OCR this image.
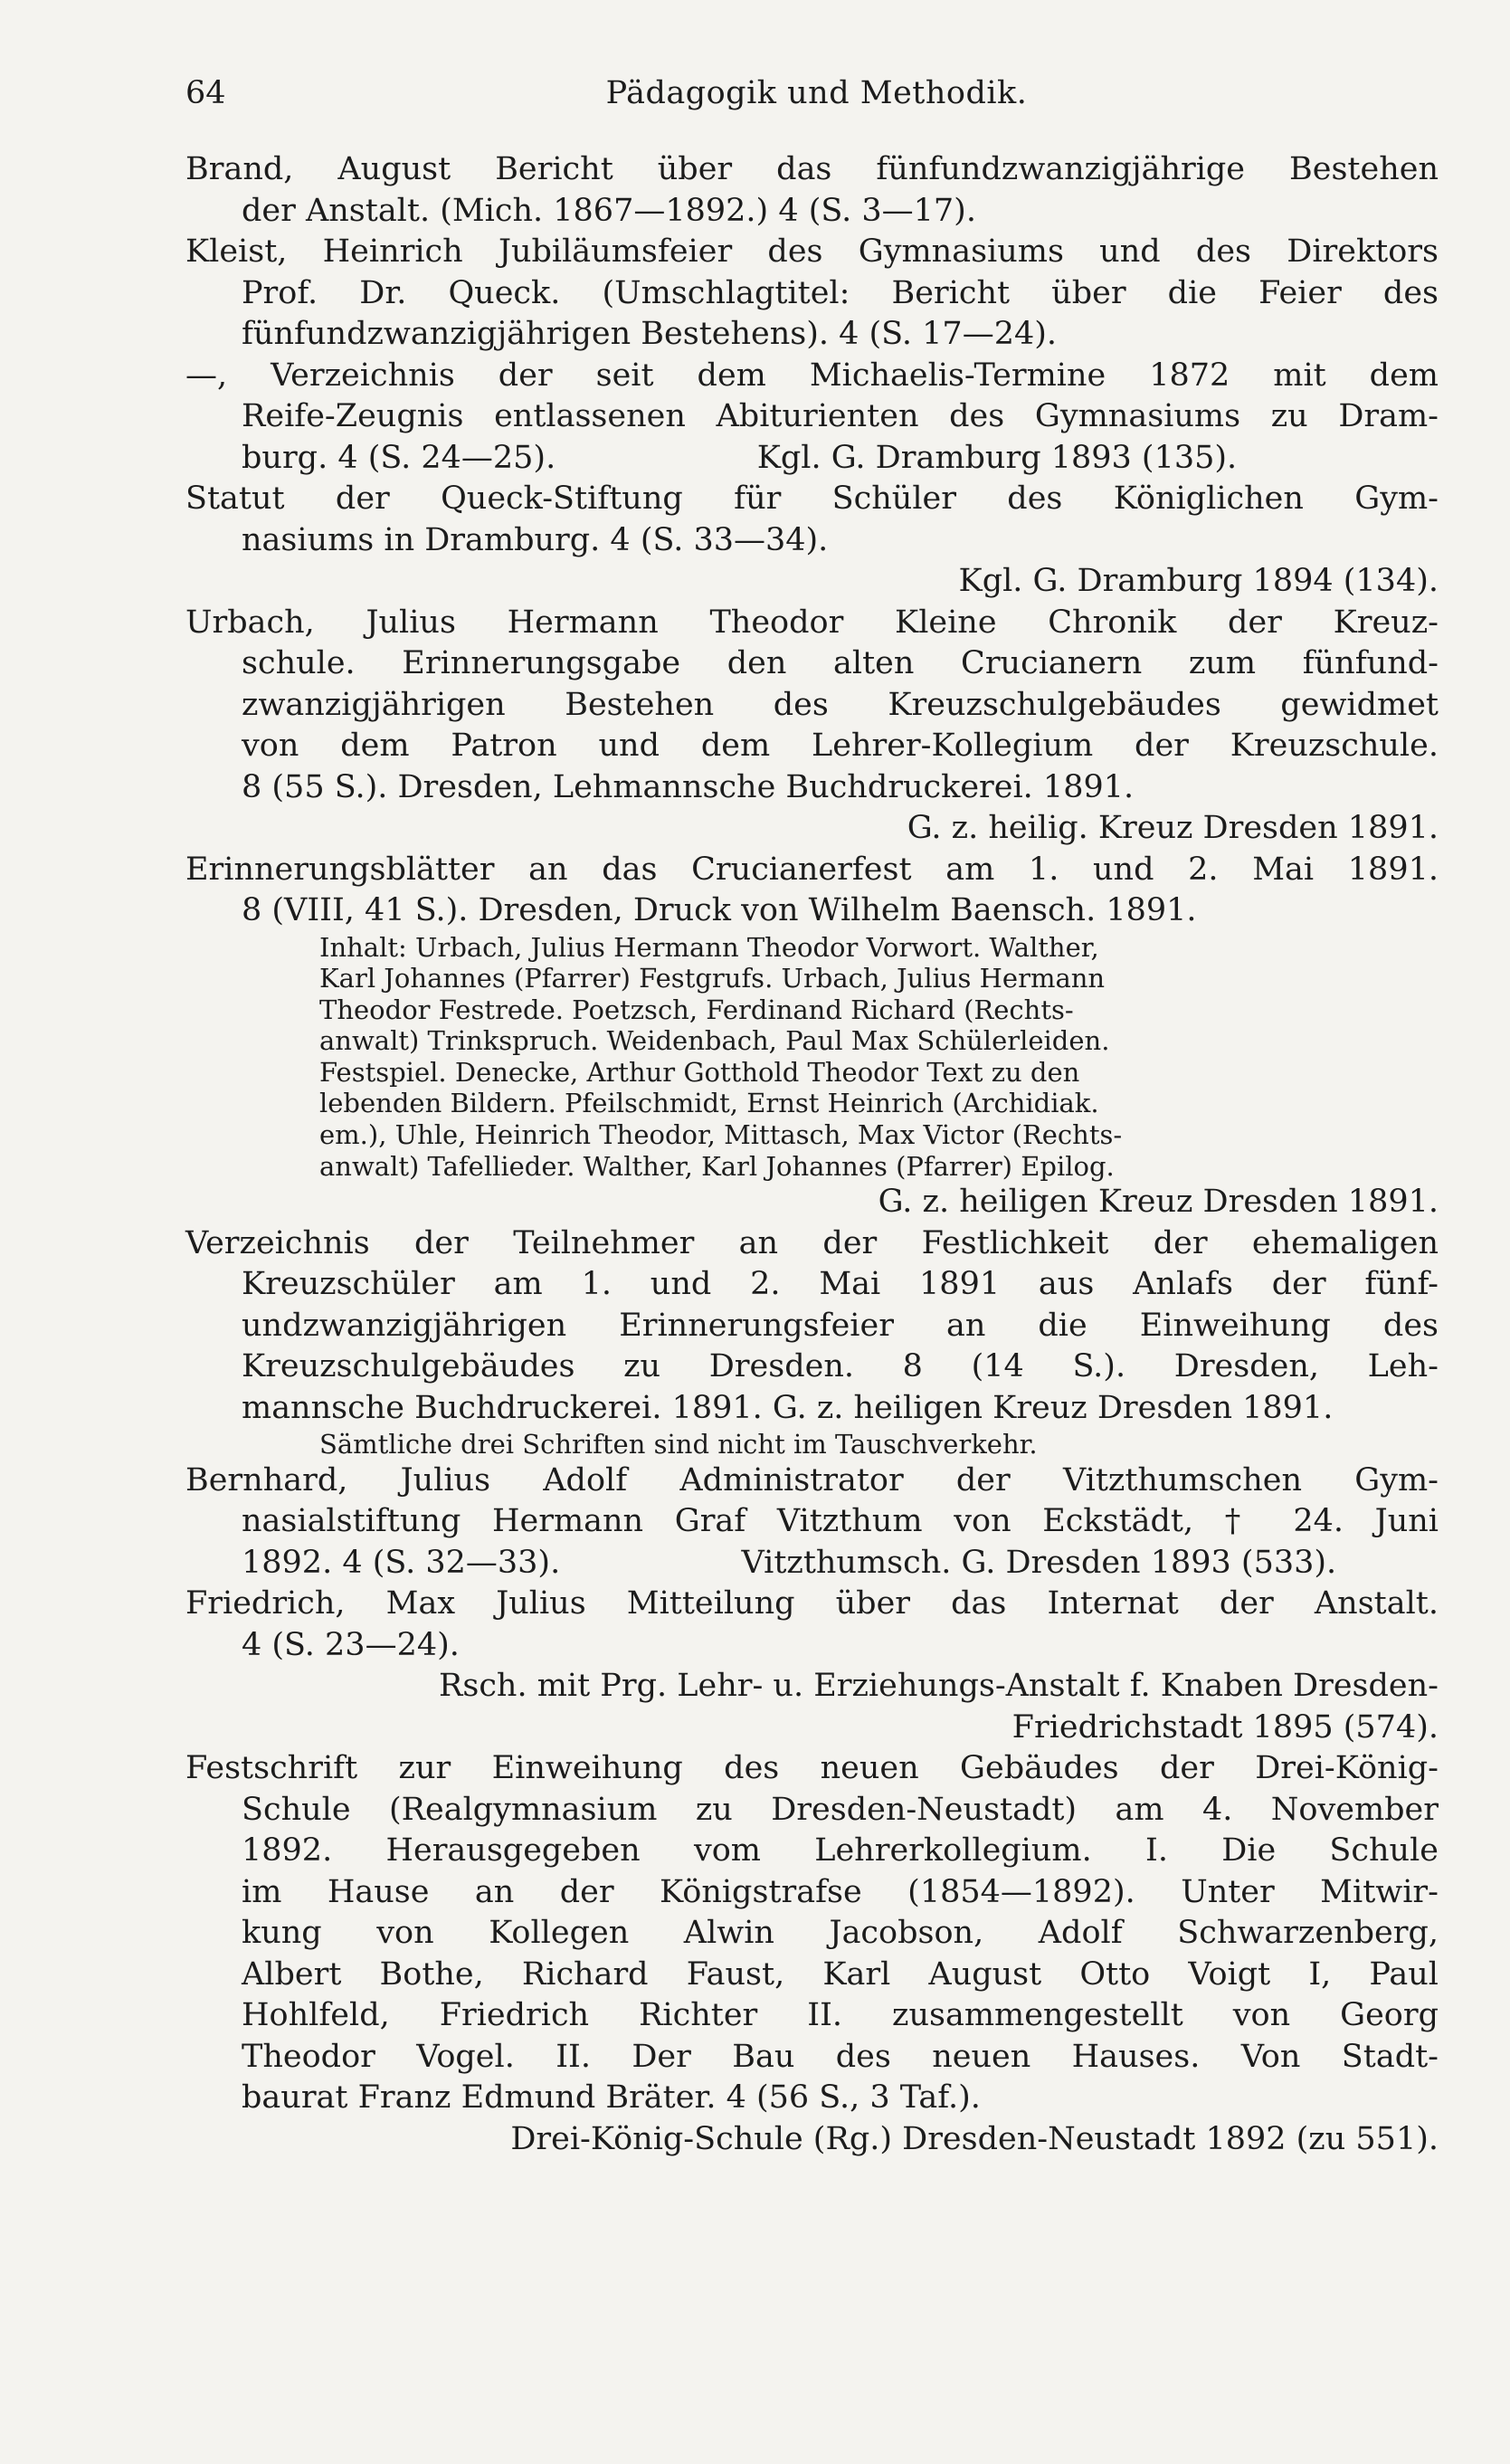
64	Pädagogik und Methodik.
Brand, August Bericht über das fünfundzwanzigjährige Bestehen
der Anstalt. (Mich. 1867—1892.) 4 (S. 3—17).
Kleist, Heinrich Jubiläumsfeier des Gymnasiums und des Direktors
Prof. Dr. Queck. (Umschlagtitel: Bericht über die Feier des
fünfundzwanzigjährigen Bestehens). 4 (S. 17—24).
—, Verzeichnis der seit dem Michaelis-Termine 1872 mit dem
Reife-Zeugnis entlassenen Abiturienten des Gymnasiums zu Dram-
burg. 4 (S. 24—25).                    Kgl. G. Dramburg 1893 (135).
Statut der Queck-Stiftung für Schüler des Königlichen Gym-
nasiums in Dramburg. 4 (S. 33—34).
Kgl. G. Dramburg 1894 (134).
Urbach, Julius Hermann Theodor Kleine Chronik der Kreuz-
schule. Erinnerungsgabe den alten Crucianern zum fünfund-
zwanzigjährigen Bestehen des Kreuzschulgebäudes gewidmet
von dem Patron und dem Lehrer-Kollegium der Kreuzschule.
8 (55 S.). Dresden, Lehmannsche Buchdruckerei. 1891.
G. z. heilig. Kreuz Dresden 1891.
Erinnerungsblätter an das Crucianerfest am 1. und 2. Mai 1891.
8 (VIII, 41 S.). Dresden, Druck von Wilhelm Baensch. 1891.
Inhalt: Urbach, Julius Hermann Theodor Vorwort. Walther,
Karl Johannes (Pfarrer) Festgrufs. Urbach, Julius Hermann
Theodor Festrede. Poetzsch, Ferdinand Richard (Rechts-
anwalt) Trinkspruch. Weidenbach, Paul Max Schülerleiden.
Festspiel. Denecke, Arthur Gotthold Theodor Text zu den
lebenden Bildern. Pfeilschmidt, Ernst Heinrich (Archidiak.
em.), Uhle, Heinrich Theodor, Mittasch, Max Victor (Rechts-
anwalt) Tafellieder. Walther, Karl Johannes (Pfarrer) Epilog.
G. z. heiligen Kreuz Dresden 1891.
Verzeichnis der Teilnehmer an der Festlichkeit der ehemaligen
Kreuzschüler am 1. und 2. Mai 1891 aus Anlafs der fünf-
undzwanzigjährigen Erinnerungsfeier an die Einweihung des
Kreuzschulgebäudes zu Dresden. 8 (14 S.). Dresden, Leh-
mannsche Buchdruckerei. 1891. G. z. heiligen Kreuz Dresden 1891.
Sämtliche drei Schriften sind nicht im Tauschverkehr.
Bernhard, Julius Adolf Administrator der Vitzthumschen Gym-
nasialstiftung Hermann Graf Vitzthum von Eckstädt, † 24. Juni
1892. 4 (S. 32—33).                  Vitzthumsch. G. Dresden 1893 (533).
Friedrich, Max Julius Mitteilung über das Internat der Anstalt.
4 (S. 23—24).
Rsch. mit Prg. Lehr- u. Erziehungs-Anstalt f. Knaben Dresden-
Friedrichstadt 1895 (574).
Festschrift zur Einweihung des neuen Gebäudes der Drei-König-
Schule (Realgymnasium zu Dresden-Neustadt) am 4. November
1892. Herausgegeben vom Lehrerkollegium. I. Die Schule
im Hause an der Königstrafse (1854—1892). Unter Mitwir-
kung von Kollegen Alwin Jacobson, Adolf Schwarzenberg,
Albert Bothe, Richard Faust, Karl August Otto Voigt I, Paul
Hohlfeld, Friedrich Richter II. zusammengestellt von Georg
Theodor Vogel. II. Der Bau des neuen Hauses. Von Stadt-
baurat Franz Edmund Bräter. 4 (56 S., 3 Taf.).
Drei-König-Schule (Rg.) Dresden-Neustadt 1892 (zu 551).
